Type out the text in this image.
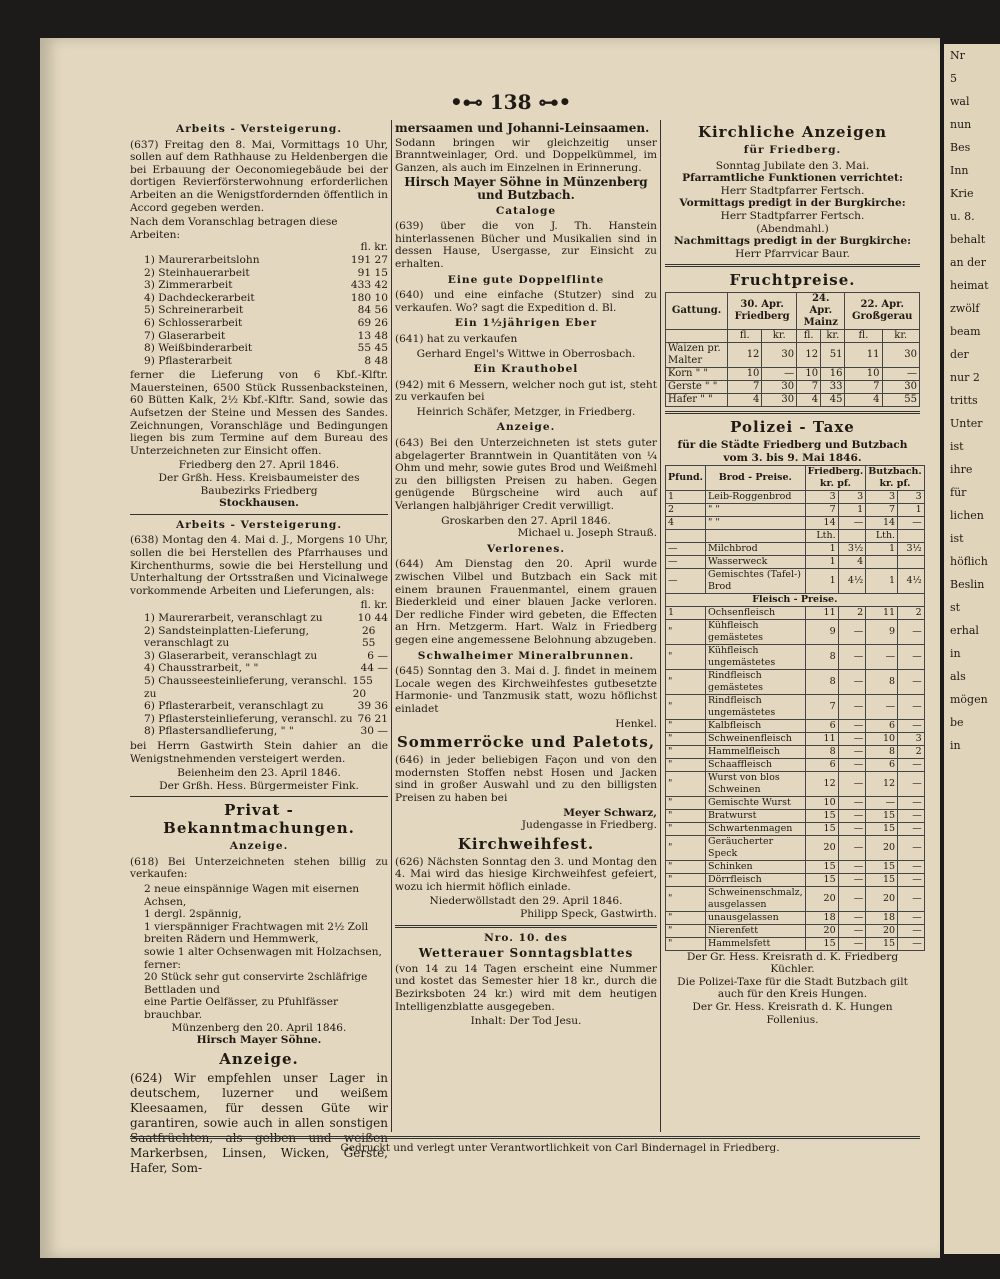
Nr
5
wal
nun
Bes
Inn
Krie
u. 8.
behalt
an der
heimat
zwölf
beam
der
nur 2
tritts
Unter
ist
ihre
für
lichen
ist
höflich
Beslin
st
erhal
in
als
mögen
be
in
•⊷ 138 ⊶•
Arbeits - Versteigerung.
(637) Freitag den 8. Mai, Vormittags 10 Uhr, sollen auf dem Rathhause zu Heldenbergen die bei Erbauung der Oeconomiegebäude bei der dortigen Revierförsterwohnung erforderlichen Arbeiten an die Wenigstfordernden öffentlich in Accord gegeben werden.
Nach dem Voranschlag betragen diese Arbeiten:
fl. kr.
1) Maurerarbeitslohn	191 27
2) Steinhauerarbeit	91 15
3) Zimmerarbeit	433 42
4) Dachdeckerarbeit	180 10
5) Schreinerarbeit	84 56
6) Schlosserarbeit	69 26
7) Glaserarbeit	13 48
8) Weißbinderarbeit	55 45
9) Pflasterarbeit	8 48
ferner die Lieferung von 6 Kbf.-Klftr. Mauersteinen, 6500 Stück Russenbacksteinen, 60 Bütten Kalk, 2½ Kbf.-Klftr. Sand, sowie das Aufsetzen der Steine und Messen des Sandes. Zeichnungen, Voranschläge und Bedingungen liegen bis zum Termine auf dem Bureau des Unterzeichneten zur Einsicht offen.
Friedberg den 27. April 1846.
Der Grßh. Hess. Kreisbaumeister des Baubezirks Friedberg
Stockhausen.
Arbeits - Versteigerung.
(638) Montag den 4. Mai d. J., Morgens 10 Uhr, sollen die bei Herstellen des Pfarrhauses und Kirchenthurms, sowie die bei Herstellung und Unterhaltung der Ortsstraßen und Vicinalwege vorkommende Arbeiten und Lieferungen, als:
fl. kr.
1) Maurerarbeit, veranschlagt zu	10 44
2) Sandsteinplatten-Lieferung, veranschlagt zu
26 55
3) Glaserarbeit, veranschlagt zu	6 —
4) Chausstrarbeit, " "	44 —
5) Chausseesteinlieferung, veranschl. zu
155 20
6) Pflasterarbeit, veranschlagt zu	39 36
7) Pflastersteinlieferung, veranschl. zu 76 21
8) Pflastersandlieferung, " "	30 —
bei Herrn Gastwirth Stein dahier an die Wenigstnehmenden versteigert werden.
Beienheim den 23. April 1846.
Der Grßh. Hess. Bürgermeister Fink.
Privat - Bekanntmachungen.
Anzeige.
(618) Bei Unterzeichneten stehen billig zu verkaufen:
2 neue einspännige Wagen mit eisernen Achsen,
1 dergl. 2spännig,
1 vierspänniger Frachtwagen mit 2½ Zoll breiten Rädern und Hemmwerk,
sowie 1 alter Ochsenwagen mit Holzachsen, ferner:
20 Stück sehr gut conservirte 2schläfrige Bettladen und
eine Partie Oelfässer, zu Pfuhlfässer brauchbar.
Münzenberg den 20. April 1846.
Hirsch Mayer Söhne.
Anzeige.
(624) Wir empfehlen unser Lager in deutschem, luzerner und weißem Kleesaamen, für dessen Güte wir garantiren, sowie auch in allen sonstigen Saatfrüchten, als gelben und weißen Markerbsen, Linsen, Wicken, Gerste, Hafer, Som-
mersaamen und Johanni-Leinsaamen.
Sodann bringen wir gleichzeitig unser Branntweinlager, Ord. und Doppelkümmel, im Ganzen, als auch im Einzelnen in Erinnerung.
Hirsch Mayer Söhne in Münzenberg und Butzbach.
Cataloge
(639) über die von J. Th. Hanstein hinterlassenen Bücher und Musikalien sind in dessen Hause, Usergasse, zur Einsicht zu erhalten.
Eine gute Doppelflinte
(640) und eine einfache (Stutzer) sind zu verkaufen. Wo? sagt die Expedition d. Bl.
Ein 1½jährigen Eber
(641) hat zu verkaufen
Gerhard Engel's Wittwe in Oberrosbach.
Ein Krauthobel
(942) mit 6 Messern, welcher noch gut ist, steht zu verkaufen bei
Heinrich Schäfer, Metzger, in Friedberg.
Anzeige.
(643) Bei den Unterzeichneten ist stets guter abgelagerter Branntwein in Quantitäten von ¼ Ohm und mehr, sowie gutes Brod und Weißmehl zu den billigsten Preisen zu haben. Gegen genügende Bürgscheine wird auch auf Verlangen halbjähriger Credit verwilligt.
Groskarben den 27. April 1846.
Michael u. Joseph Strauß.
Verlorenes.
(644) Am Dienstag den 20. April wurde zwischen Vilbel und Butzbach ein Sack mit einem braunen Frauenmantel, einem grauen Biederkleid und einer blauen Jacke verloren. Der redliche Finder wird gebeten, die Effecten an Hrn. Metzgerm. Hart. Walz in Friedberg gegen eine angemessene Belohnung abzugeben.
Schwalheimer Mineralbrunnen.
(645) Sonntag den 3. Mai d. J. findet in meinem Locale wegen des Kirchweihfestes gutbesetzte Harmonie- und Tanzmusik statt, wozu höflichst einladet
Henkel.
Sommerröcke und Paletots,
(646) in jeder beliebigen Façon und von den modernsten Stoffen nebst Hosen und Jacken sind in großer Auswahl und zu den billigsten Preisen zu haben bei
Meyer Schwarz,
Judengasse in Friedberg.
Kirchweihfest.
(626) Nächsten Sonntag den 3. und Montag den 4. Mai wird das hiesige Kirchweihfest gefeiert, wozu ich hiermit höflich einlade.
Niederwöllstadt den 29. April 1846.
Philipp Speck, Gastwirth.
Nro. 10. des
Wetterauer Sonntagsblattes
(von 14 zu 14 Tagen erscheint eine Nummer und kostet das Semester hier 18 kr., durch die Bezirksboten 24 kr.) wird mit dem heutigen Intelligenzblatte ausgegeben.
Inhalt: Der Tod Jesu.
Kirchliche Anzeigen
für Friedberg.
Sonntag Jubilate den 3. Mai.
Pfarramtliche Funktionen verrichtet:
Herr Stadtpfarrer Fertsch.
Vormittags predigt in der Burgkirche:
Herr Stadtpfarrer Fertsch.
(Abendmahl.)
Nachmittags predigt in der Burgkirche:
Herr Pfarrvicar Baur.
Fruchtpreise.
Gattung.	30. Apr. Friedberg		24. Apr. Mainz		22. Apr. Großgerau	
	fl.	kr.	fl.	kr.	fl.	kr.
Waizen pr. Malter	12	30	12	51	11	30
Korn " "	10	—	10	16	10	—
Gerste " "	7	30	7	33	7	30
Hafer " "	4	30	4	45	4	55
Polizei - Taxe
für die Städte Friedberg und Butzbach
vom 3. bis 9. Mai 1846.
Pfund.	Brod - Preise.	Friedberg. kr. pf.		Butzbach. kr. pf.	
1	Leib-Roggenbrod	3	3	3	3
2	" "	7	1	7	1
4	" "	14	—	14	—
		Lth.		Lth.	
—	Milchbrod	1	3½	1	3½
—	Wasserweck	1	4		
—	Gemischtes (Tafel-) Brod	1	4½	1	4½
Fleisch - Preise.					
1	Ochsenfleisch	11	2	11	2
"	Kühfleisch gemästetes	9	—	9	—
"	Kühfleisch ungemästetes	8	—	—	—
"	Rindfleisch gemästetes	8	—	8	—
"	Rindfleisch ungemästetes	7	—	—	—
"	Kalbfleisch	6	—	6	—
"	Schweinenfleisch	11	—	10	3
"	Hammelfleisch	8	—	8	2
"	Schaaffleisch	6	—	6	—
"	Wurst von blos Schweinen	12	—	12	—
"	Gemischte Wurst	10	—	—	—
"	Bratwurst	15	—	15	—
"	Schwartenmagen	15	—	15	—
"	Geräucherter Speck	20	—	20	—
"	Schinken	15	—	15	—
"	Dörrfleisch	15	—	15	—
"	Schweinenschmalz, ausgelassen	20	—	20	—
"	unausgelassen	18	—	18	—
"	Nierenfett	20	—	20	—
"	Hammelsfett	15	—	15	—
Der Gr. Hess. Kreisrath d. K. Friedberg
Küchler.
Die Polizei-Taxe für die Stadt Butzbach gilt auch für den Kreis Hungen.
Der Gr. Hess. Kreisrath d. K. Hungen
Follenius.
Gedruckt und verlegt unter Verantwortlichkeit von Carl Bindernagel in Friedberg.
